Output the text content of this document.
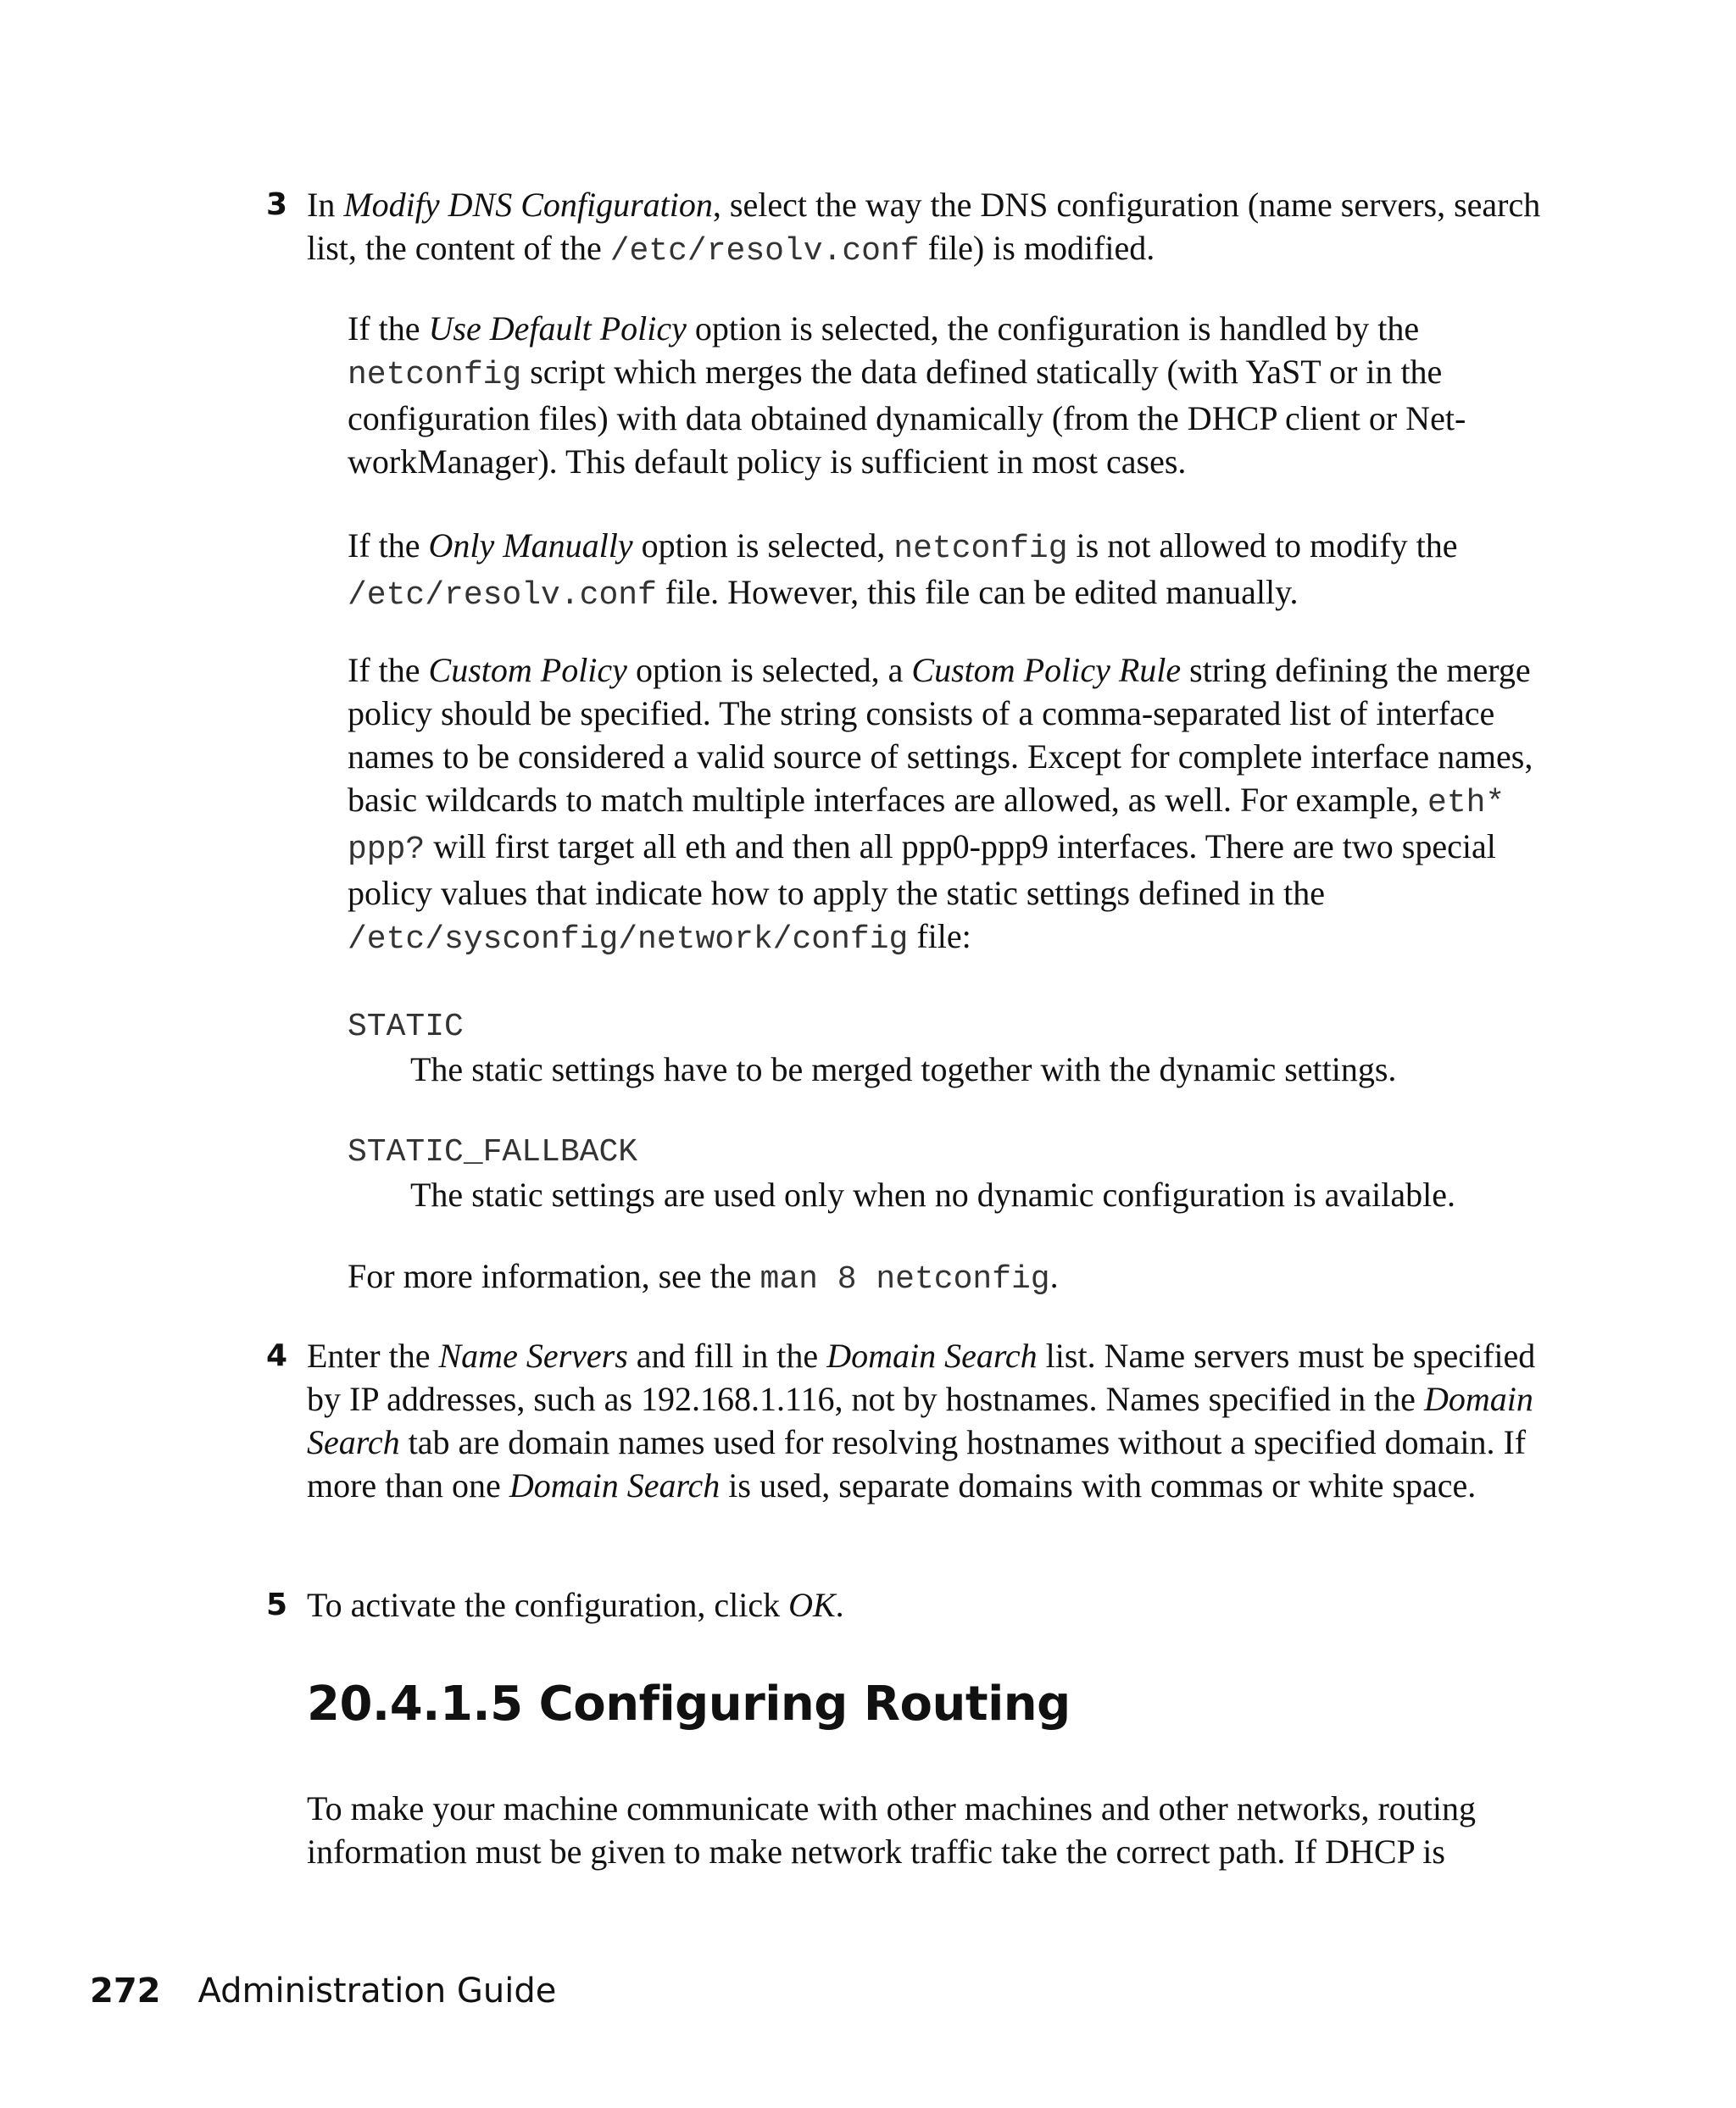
3 In Modify DNS Configuration, select the way the DNS configuration (name servers, search list, the content of the /etc/resolv.conf file) is modified.

If the Use Default Policy option is selected, the configuration is handled by the netconfig script which merges the data defined statically (with YaST or in the configuration files) with data obtained dynamically (from the DHCP client or NetworkManager). This default policy is sufficient in most cases.

If the Only Manually option is selected, netconfig is not allowed to modify the /etc/resolv.conf file. However, this file can be edited manually.

If the Custom Policy option is selected, a Custom Policy Rule string defining the merge policy should be specified. The string consists of a comma-separated list of interface names to be considered a valid source of settings. Except for complete interface names, basic wildcards to match multiple interfaces are allowed, as well. For example, eth* ppp? will first target all eth and then all ppp0-ppp9 interfaces. There are two special policy values that indicate how to apply the static settings defined in the /etc/sysconfig/network/config file:

STATIC
The static settings have to be merged together with the dynamic settings.
STATIC_FALLBACK
The static settings are used only when no dynamic configuration is available.

For more information, see the man 8 netconfig.

4 Enter the Name Servers and fill in the Domain Search list. Name servers must be specified by IP addresses, such as 192.168.1.116, not by hostnames. Names specified in the Domain Search tab are domain names used for resolving hostnames without a specified domain. If more than one Domain Search is used, separate domains with commas or white space.

5 To activate the configuration, click OK.

20.4.1.5 Configuring Routing
To make your machine communicate with other machines and other networks, routing information must be given to make network traffic take the correct path. If DHCP is
272 Administration Guide
